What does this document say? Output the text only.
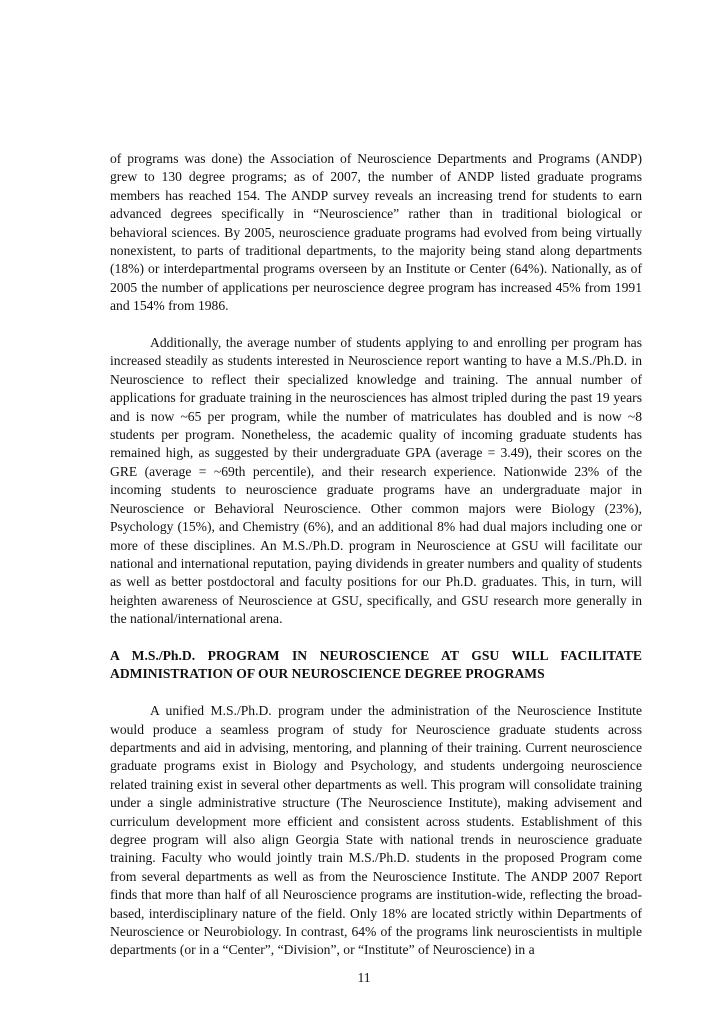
of programs was done) the Association of Neuroscience Departments and Programs (ANDP) grew to 130 degree programs; as of 2007, the number of ANDP listed graduate programs members has reached 154. The ANDP survey reveals an increasing trend for students to earn advanced degrees specifically in “Neuroscience” rather than in traditional biological or behavioral sciences. By 2005, neuroscience graduate programs had evolved from being virtually nonexistent, to parts of traditional departments, to the majority being stand along departments (18%) or interdepartmental programs overseen by an Institute or Center (64%). Nationally, as of 2005 the number of applications per neuroscience degree program has increased 45% from 1991 and 154% from 1986.

Additionally, the average number of students applying to and enrolling per program has increased steadily as students interested in Neuroscience report wanting to have a M.S./Ph.D. in Neuroscience to reflect their specialized knowledge and training. The annual number of applications for graduate training in the neurosciences has almost tripled during the past 19 years and is now ~65 per program, while the number of matriculates has doubled and is now ~8 students per program. Nonetheless, the academic quality of incoming graduate students has remained high, as suggested by their undergraduate GPA (average = 3.49), their scores on the GRE (average = ~69th percentile), and their research experience. Nationwide 23% of the incoming students to neuroscience graduate programs have an undergraduate major in Neuroscience or Behavioral Neuroscience. Other common majors were Biology (23%), Psychology (15%), and Chemistry (6%), and an additional 8% had dual majors including one or more of these disciplines. An M.S./Ph.D. program in Neuroscience at GSU will facilitate our national and international reputation, paying dividends in greater numbers and quality of students as well as better postdoctoral and faculty positions for our Ph.D. graduates. This, in turn, will heighten awareness of Neuroscience at GSU, specifically, and GSU research more generally in the national/international arena.

A M.S./Ph.D. PROGRAM IN NEUROSCIENCE AT GSU WILL FACILITATE ADMINISTRATION OF OUR NEUROSCIENCE DEGREE PROGRAMS

A unified M.S./Ph.D. program under the administration of the Neuroscience Institute would produce a seamless program of study for Neuroscience graduate students across departments and aid in advising, mentoring, and planning of their training. Current neuroscience graduate programs exist in Biology and Psychology, and students undergoing neuroscience related training exist in several other departments as well. This program will consolidate training under a single administrative structure (The Neuroscience Institute), making advisement and curriculum development more efficient and consistent across students. Establishment of this degree program will also align Georgia State with national trends in neuroscience graduate training. Faculty who would jointly train M.S./Ph.D. students in the proposed Program come from several departments as well as from the Neuroscience Institute. The ANDP 2007 Report finds that more than half of all Neuroscience programs are institution-wide, reflecting the broad-based, interdisciplinary nature of the field. Only 18% are located strictly within Departments of Neuroscience or Neurobiology. In contrast, 64% of the programs link neuroscientists in multiple departments (or in a “Center”, “Division”, or “Institute” of Neuroscience) in a

11
